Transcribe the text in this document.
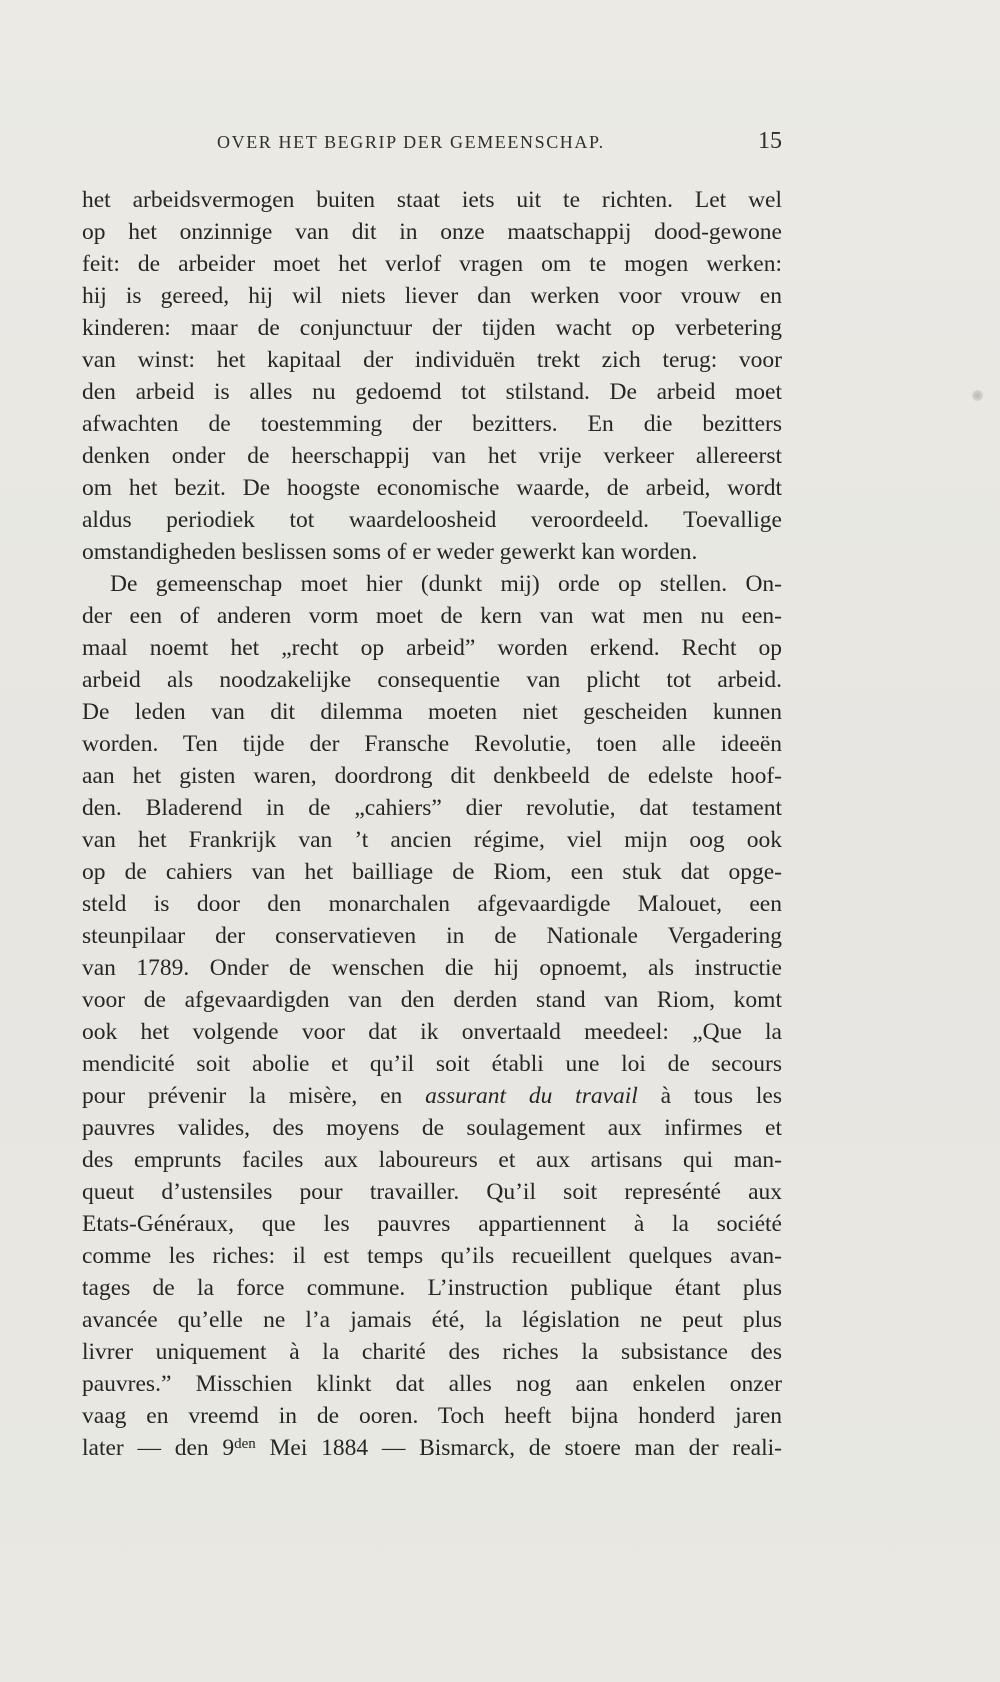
OVER HET BEGRIP DER GEMEENSCHAP.	15
het arbeidsvermogen buiten staat iets uit te richten. Let wel
op het onzinnige van dit in onze maatschappij dood-gewone
feit: de arbeider moet het verlof vragen om te mogen werken:
hij is gereed, hij wil niets liever dan werken voor vrouw en
kinderen: maar de conjunctuur der tijden wacht op verbetering
van winst: het kapitaal der individuën trekt zich terug: voor
den arbeid is alles nu gedoemd tot stilstand. De arbeid moet
afwachten de toestemming der bezitters. En die bezitters
denken onder de heerschappij van het vrije verkeer allereerst
om het bezit. De hoogste economische waarde, de arbeid, wordt
aldus periodiek tot waardeloosheid veroordeeld. Toevallige
omstandigheden beslissen soms of er weder gewerkt kan worden.
De gemeenschap moet hier (dunkt mij) orde op stellen. On-
der een of anderen vorm moet de kern van wat men nu een-
maal noemt het „recht op arbeid” worden erkend. Recht op
arbeid als noodzakelijke consequentie van plicht tot arbeid.
De leden van dit dilemma moeten niet gescheiden kunnen
worden. Ten tijde der Fransche Revolutie, toen alle ideeën
aan het gisten waren, doordrong dit denkbeeld de edelste hoof-
den. Bladerend in de „cahiers” dier revolutie, dat testament
van het Frankrijk van ’t ancien régime, viel mijn oog ook
op de cahiers van het bailliage de Riom, een stuk dat opge-
steld is door den monarchalen afgevaardigde Malouet, een
steunpilaar der conservatieven in de Nationale Vergadering
van 1789. Onder de wenschen die hij opnoemt, als instructie
voor de afgevaardigden van den derden stand van Riom, komt
ook het volgende voor dat ik onvertaald meedeel: „Que la
mendicité soit abolie et qu’il soit établi une loi de secours
pour prévenir la misère, en assurant du travail à tous les
pauvres valides, des moyens de soulagement aux infirmes et
des emprunts faciles aux laboureurs et aux artisans qui man-
queut d’ustensiles pour travailler. Qu’il soit represénté aux
Etats-Généraux, que les pauvres appartiennent à la société
comme les riches: il est temps qu’ils recueillent quelques avan-
tages de la force commune. L’instruction publique étant plus
avancée qu’elle ne l’a jamais été, la législation ne peut plus
livrer uniquement à la charité des riches la subsistance des
pauvres.” Misschien klinkt dat alles nog aan enkelen onzer
vaag en vreemd in de ooren. Toch heeft bijna honderd jaren
later — den $9^{den}$ Mei 1884 — Bismarck, de stoere man der reali-
